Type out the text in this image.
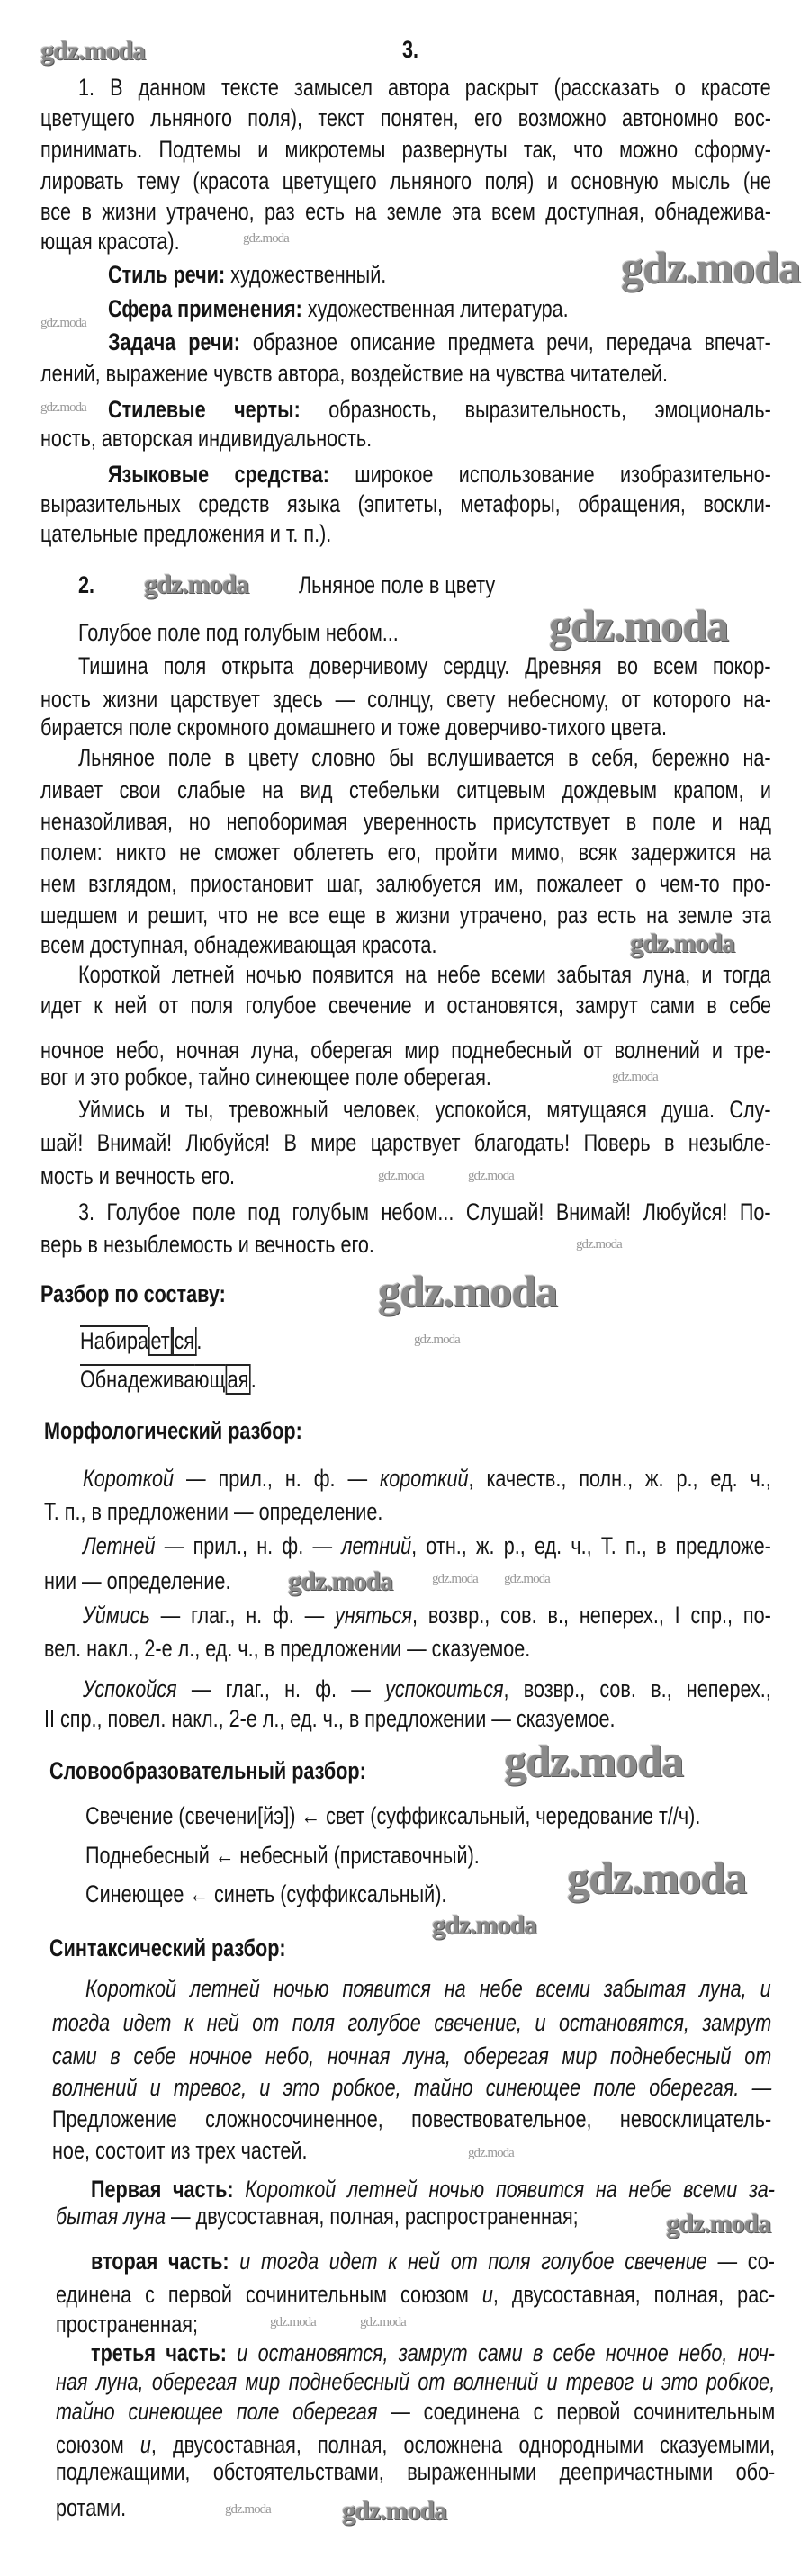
3.
1. В данном тексте замысел автора раскрыт (рассказать о красоте
цветущего льняного поля), текст понятен, его возможно автономно вос-
принимать. Подтемы и микротемы развернуты так, что можно сформу-
лировать тему (красота цветущего льняного поля) и основную мысль (не
все в жизни утрачено, раз есть на земле эта всем доступная, обнадежива-
ющая красота).
Стиль речи: художественный.
Сфера применения: художественная литература.
Задача речи: образное описание предмета речи, передача впечат-
лений, выражение чувств автора, воздействие на чувства читателей.
Стилевые черты: образность, выразительность, эмоциональ-
ность, авторская индивидуальность.
Языковые средства: широкое использование изобразительно-
выразительных средств языка (эпитеты, метафоры, обращения, воскли-
цательные предложения и т. п.).
2.	Льняное поле в цвету
Голубое поле под голубым небом...
Тишина поля открыта доверчивому сердцу. Древняя во всем покор-
ность жизни царствует здесь — солнцу, свету небесному, от которого на-
бирается поле скромного домашнего и тоже доверчиво-тихого цвета.
Льняное поле в цвету словно бы вслушивается в себя, бережно на-
ливает свои слабые на вид стебельки ситцевым дождевым крапом, и
неназойливая, но непоборимая уверенность присутствует в поле и над
полем: никто не сможет облететь его, пройти мимо, всяк задержится на
нем взглядом, приостановит шаг, залюбуется им, пожалеет о чем-то про-
шедшем и решит, что не все еще в жизни утрачено, раз есть на земле эта
всем доступная, обнадеживающая красота.
Короткой летней ночью появится на небе всеми забытая луна, и тогда
идет к ней от поля голубое свечение и остановятся, замрут сами в себе
ночное небо, ночная луна, оберегая мир поднебесный от волнений и тре-
вог и это робкое, тайно синеющее поле оберегая.
Уймись и ты, тревожный человек, успокойся, мятущаяся душа. Слу-
шай! Внимай! Любуйся! В мире царствует благодать! Поверь в незыбле-
мость и вечность его.
3. Голубое поле под голубым небом... Слушай! Внимай! Любуйся! По-
верь в незыблемость и вечность его.
Разбор по составу:
Набирает ся.
Обнадеживающая.
Морфологический разбор:
Короткой — прил., н. ф. — короткий, качеств., полн., ж. р., ед. ч.,
Т. п., в предложении — определение.
Летней — прил., н. ф. — летний, отн., ж. р., ед. ч., Т. п., в предложе-
нии — определение.
Уймись — глаг., н. ф. — уняться, возвр., сов. в., неперех., I спр., по-
вел. накл., 2-е л., ед. ч., в предложении — сказуемое.
Успокойся — глаг., н. ф. — успокоиться, возвр., сов. в., неперех.,
II спр., повел. накл., 2-е л., ед. ч., в предложении — сказуемое.
Словообразовательный разбор:
Свечение (свечени[йэ]) ← свет (суффиксальный, чередование т//ч).
Поднебесный ← небесный (приставочный).
Синеющее ← синеть (суффиксальный).
Синтаксический разбор:
Короткой летней ночью появится на небе всеми забытая луна, и
тогда идет к ней от поля голубое свечение, и остановятся, замрут
сами в себе ночное небо, ночная луна, оберегая мир поднебесный от
волнений и тревог, и это робкое, тайно синеющее поле оберегая. —
Предложение сложносочиненное, повествовательное, невосклицатель-
ное, состоит из трех частей.
Первая часть: Короткой летней ночью появится на небе всеми за-
бытая луна — двусоставная, полная, распространенная;
вторая часть: и тогда идет к ней от поля голубое свечение — со-
единена с первой сочинительным союзом и, двусоставная, полная, рас-
пространенная;
третья часть: и остановятся, замрут сами в себе ночное небо, ноч-
ная луна, оберегая мир поднебесный от волнений и тревог и это робкое,
тайно синеющее поле оберегая — соединена с первой сочинительным
союзом и, двусоставная, полная, осложнена однородными сказуемыми,
подлежащими, обстоятельствами, выраженными деепричастными обо-
ротами.
gdz.moda
gdz.moda
gdz.moda
gdz.moda
gdz.moda
gdz.moda
gdz.moda
gdz.moda
gdz.moda
gdz.moda
gdz.moda
gdz.moda
gdz.moda
gdz.moda
gdz.moda gdz.moda
gdz.moda
gdz.moda
gdz.moda
gdz.moda
gdz.moda
gdz.moda
gdz.moda
gdz.moda
gdz.moda
gdz.moda
